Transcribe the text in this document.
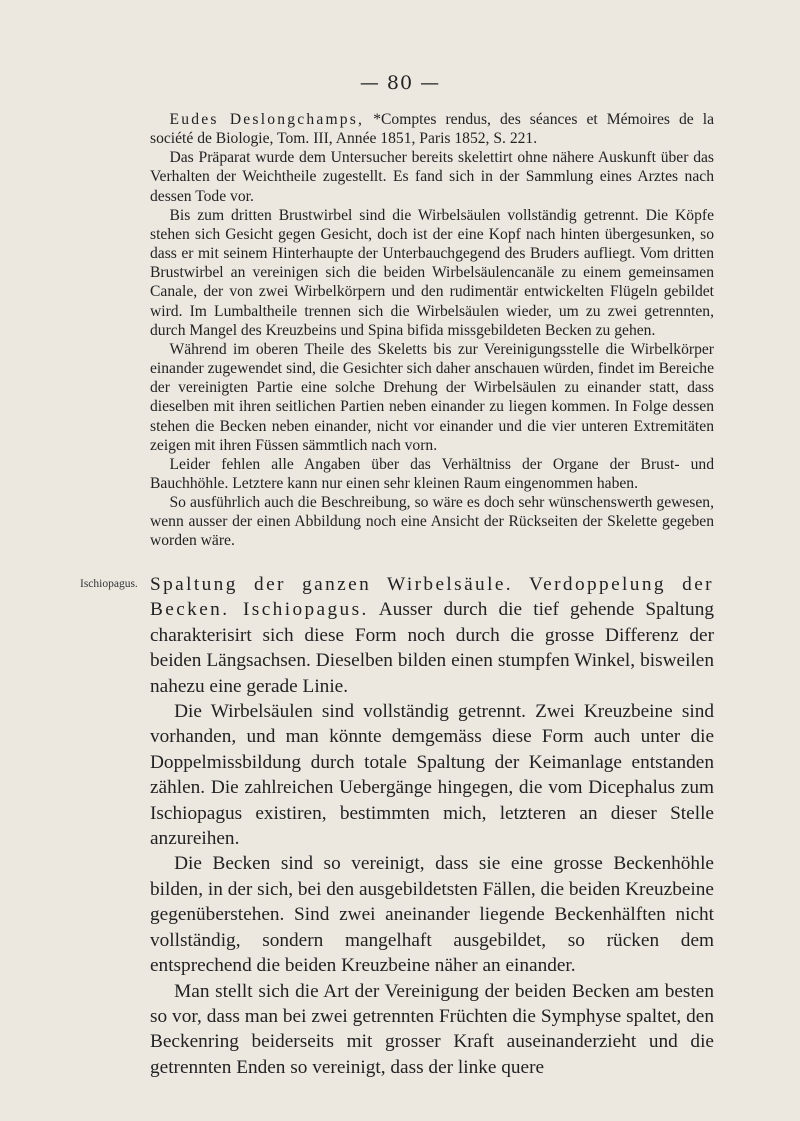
— 80 —
Ischiopagus.

Eudes Deslongchamps, *Comptes rendus, des séances et Mémoires de la société de Biologie, Tom. III, Année 1851, Paris 1852, S. 221.

Das Präparat wurde dem Untersucher bereits skelettirt ohne nähere Auskunft über das Verhalten der Weichtheile zugestellt. Es fand sich in der Sammlung eines Arztes nach dessen Tode vor.

Bis zum dritten Brustwirbel sind die Wirbelsäulen vollständig getrennt. Die Köpfe stehen sich Gesicht gegen Gesicht, doch ist der eine Kopf nach hinten übergesunken, so dass er mit seinem Hinterhaupte der Unterbauchgegend des Bruders aufliegt. Vom dritten Brustwirbel an vereinigen sich die beiden Wirbelsäulencanäle zu einem gemeinsamen Canale, der von zwei Wirbelkörpern und den rudimentär entwickelten Flügeln gebildet wird. Im Lumbaltheile trennen sich die Wirbelsäulen wieder, um zu zwei getrennten, durch Mangel des Kreuzbeins und Spina bifida missgebildeten Becken zu gehen.

Während im oberen Theile des Skeletts bis zur Vereinigungsstelle die Wirbelkörper einander zugewendet sind, die Gesichter sich daher anschauen würden, findet im Bereiche der vereinigten Partie eine solche Drehung der Wirbelsäulen zu einander statt, dass dieselben mit ihren seitlichen Partien neben einander zu liegen kommen. In Folge dessen stehen die Becken neben einander, nicht vor einander und die vier unteren Extremitäten zeigen mit ihren Füssen sämmtlich nach vorn.

Leider fehlen alle Angaben über das Verhältniss der Organe der Brust- und Bauchhöhle. Letztere kann nur einen sehr kleinen Raum eingenommen haben.

So ausführlich auch die Beschreibung, so wäre es doch sehr wünschenswerth gewesen, wenn ausser der einen Abbildung noch eine Ansicht der Rückseiten der Skelette gegeben worden wäre.

Spaltung der ganzen Wirbelsäule. Verdoppelung der Becken. Ischiopagus. Ausser durch die tief gehende Spaltung charakterisirt sich diese Form noch durch die grosse Differenz der beiden Längsachsen. Dieselben bilden einen stumpfen Winkel, bisweilen nahezu eine gerade Linie.

Die Wirbelsäulen sind vollständig getrennt. Zwei Kreuzbeine sind vorhanden, und man könnte demgemäss diese Form auch unter die Doppelmissbildung durch totale Spaltung der Keimanlage entstanden zählen. Die zahlreichen Uebergänge hingegen, die vom Dicephalus zum Ischiopagus existiren, bestimmten mich, letzteren an dieser Stelle anzureihen.

Die Becken sind so vereinigt, dass sie eine grosse Beckenhöhle bilden, in der sich, bei den ausgebildetsten Fällen, die beiden Kreuzbeine gegenüberstehen. Sind zwei aneinander liegende Beckenhälften nicht vollständig, sondern mangelhaft ausgebildet, so rücken dem entsprechend die beiden Kreuzbeine näher an einander.

Man stellt sich die Art der Vereinigung der beiden Becken am besten so vor, dass man bei zwei getrennten Früchten die Symphyse spaltet, den Beckenring beiderseits mit grosser Kraft auseinanderzieht und die getrennten Enden so vereinigt, dass der linke quere
